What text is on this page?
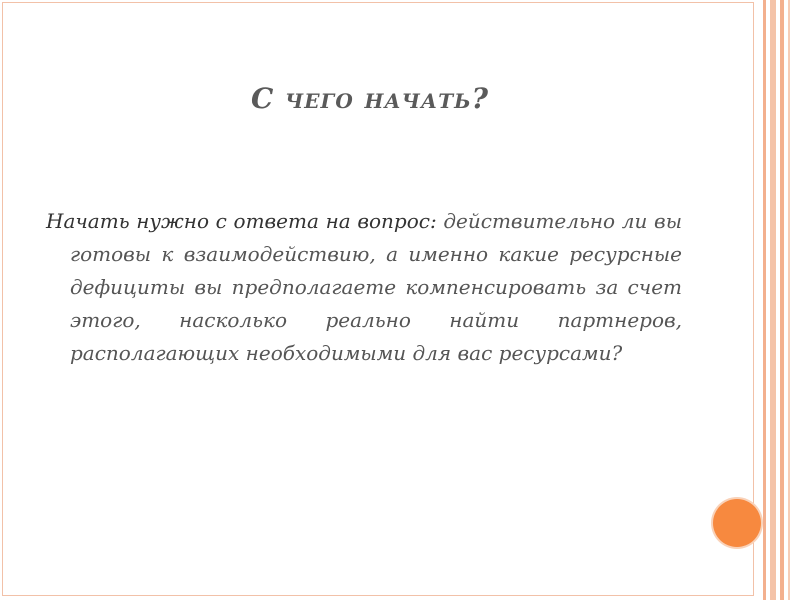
С чего начать?
Начать нужно с ответа на вопрос: действительно ли вы готовы к взаимодействию, а именно какие ресурсные дефициты вы предполагаете компенсировать за счет этого, насколько реально найти партнеров, располагающих необходимыми для вас ресурсами?
